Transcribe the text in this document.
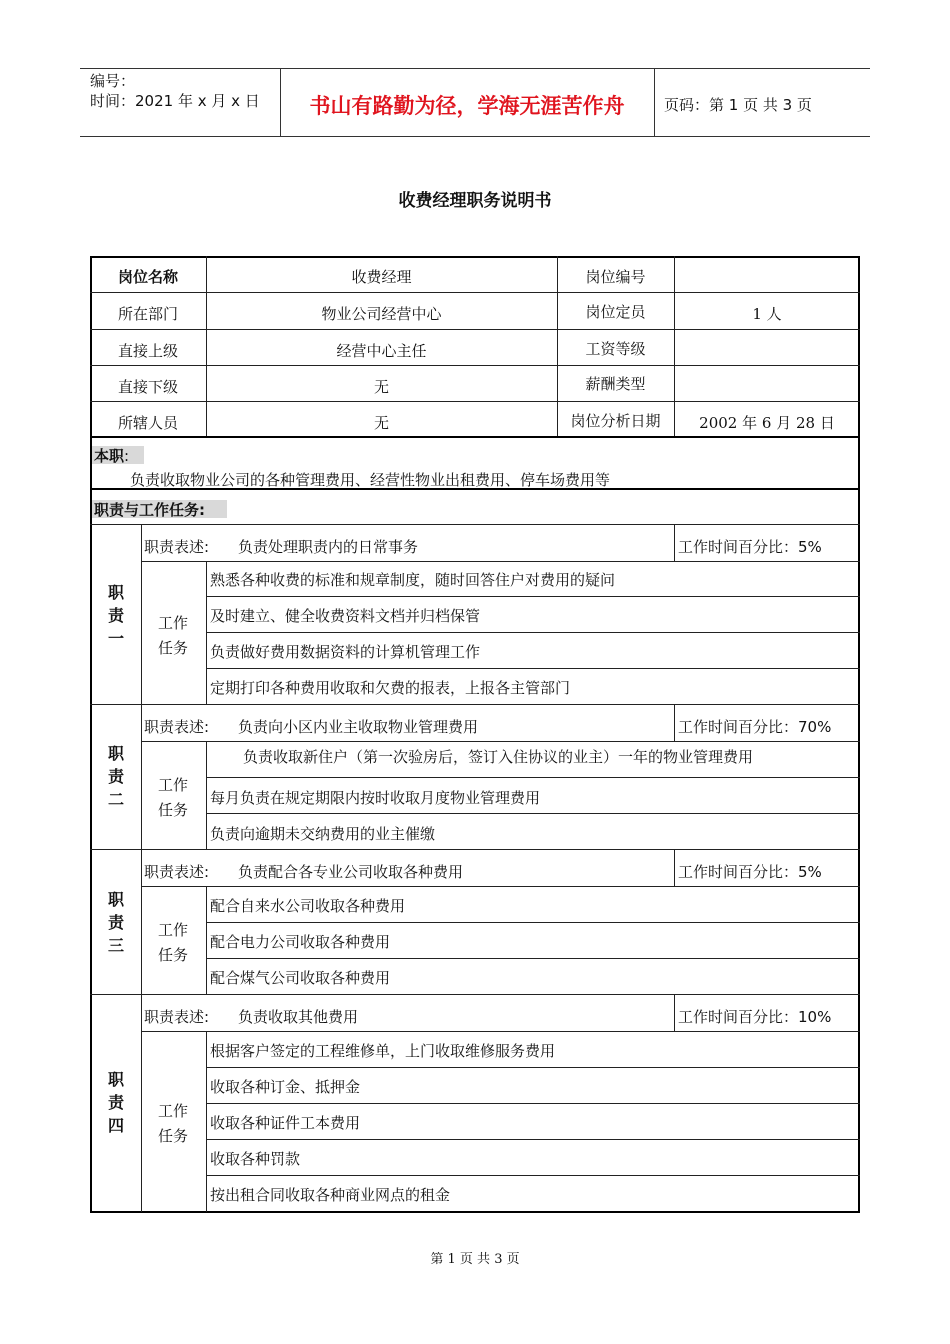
编号：
时间：2021 年 x 月 x 日	书山有路勤为径，学海无涯苦作舟	页码：第 1 页 共 3 页
收费经理职务说明书
岗位名称	收费经理	岗位编号
所在部门	物业公司经营中心	岗位定员	1 人
直接上级	经营中心主任	工资等级
直接下级	无	薪酬类型
所辖人员	无	岗位分析日期	2002 年 6 月 28 日
本职:
负责收取物业公司的各种管理费用、经营性物业出租费用、停车场费用等
职责与工作任务:
职
责
一
职责表述: 负责处理职责内的日常事务	工作时间百分比：5%
工作
任务
熟悉各种收费的标准和规章制度，随时回答住户对费用的疑问
及时建立、健全收费资料文档并归档保管
负责做好费用数据资料的计算机管理工作
定期打印各种费用收取和欠费的报表，上报各主管部门
职
责
二
职责表述: 负责向小区内业主收取物业管理费用	工作时间百分比：70%
工作
任务
负责收取新住户（第一次验房后，签订入住协议的业主）一年的物业管理费用
每月负责在规定期限内按时收取月度物业管理费用
负责向逾期未交纳费用的业主催缴
职
责
三
职责表述: 负责配合各专业公司收取各种费用	工作时间百分比：5%
工作
任务
配合自来水公司收取各种费用
配合电力公司收取各种费用
配合煤气公司收取各种费用
职
责
四
职责表述: 负责收取其他费用	工作时间百分比：10%
工作
任务
根据客户签定的工程维修单，上门收取维修服务费用
收取各种订金、抵押金
收取各种证件工本费用
收取各种罚款
按出租合同收取各种商业网点的租金
第 1 页 共 3 页
